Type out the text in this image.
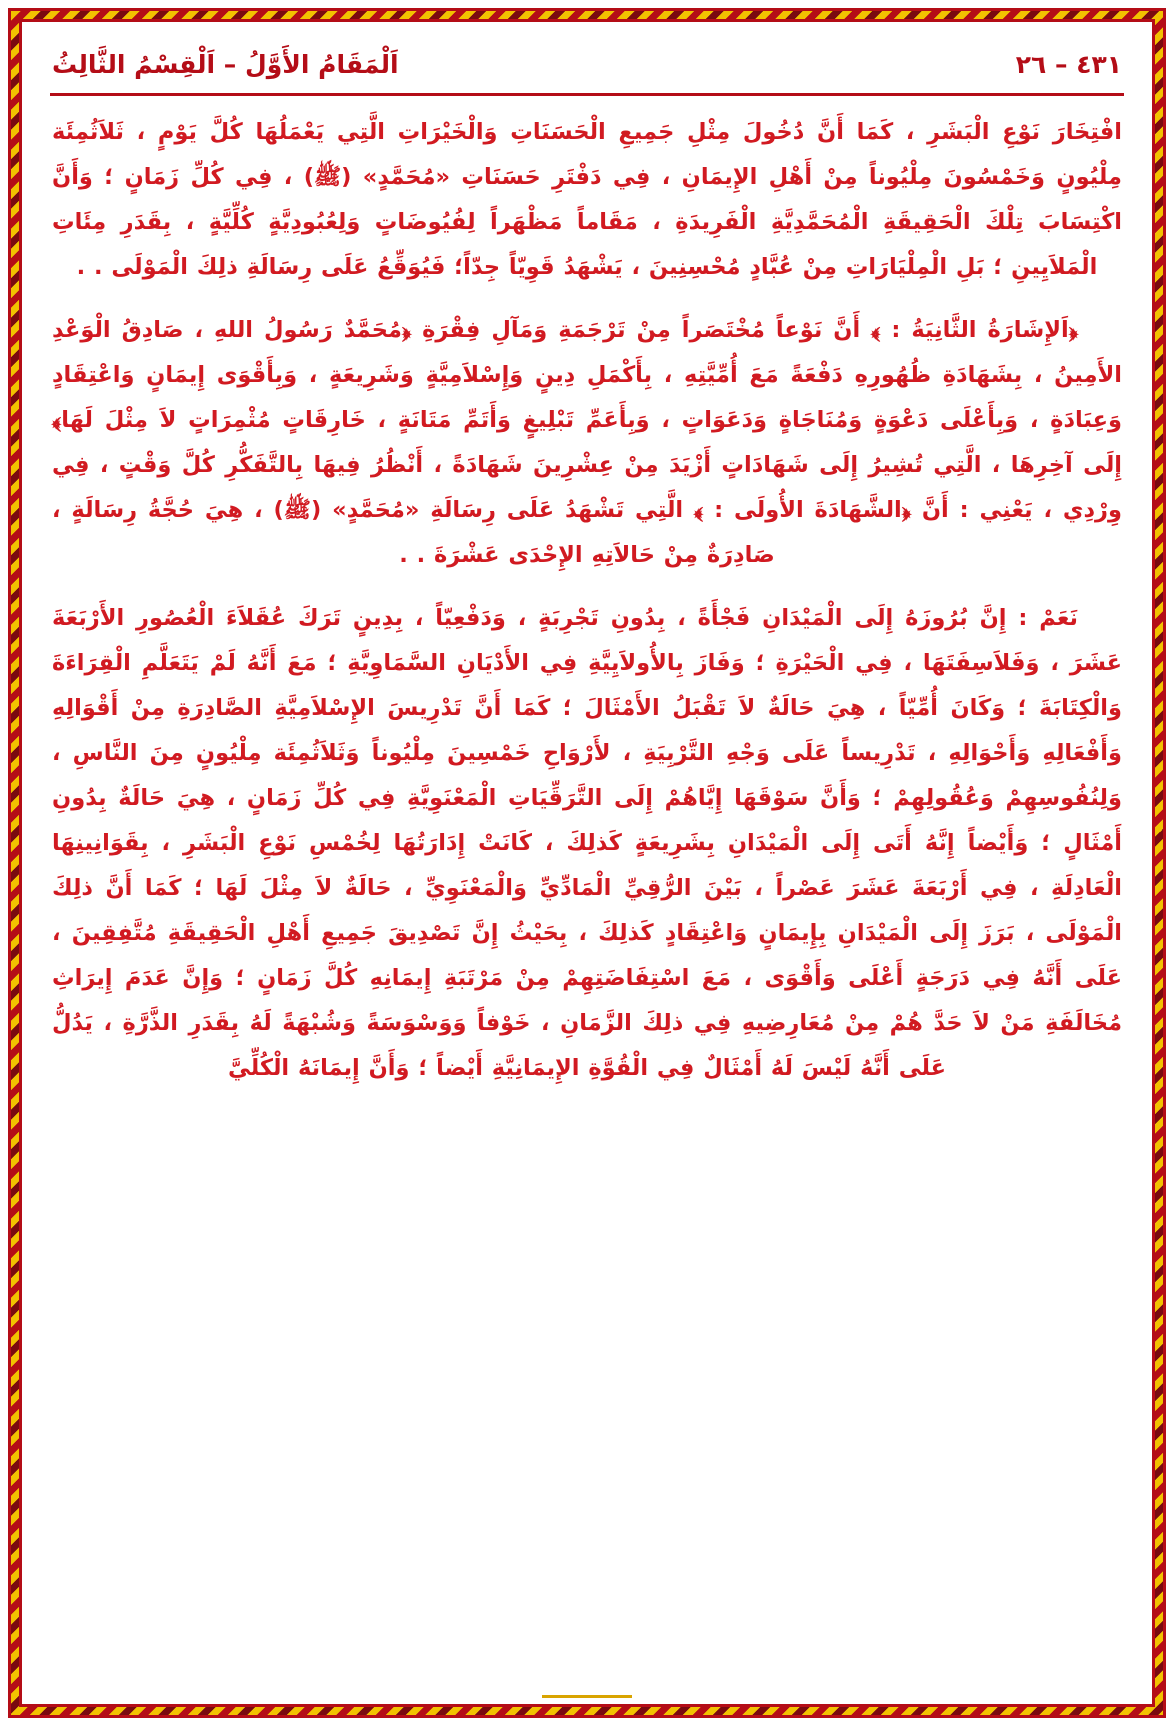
٤٣١ – ٢٦
اَلْمَقَامُ الأَوَّلُ – اَلْقِسْمُ الثَّالِثُ

افْتِخَارَ نَوْعِ الْبَشَرِ ، كَمَا أَنَّ دُخُولَ مِثْلِ جَمِيعِ الْحَسَنَاتِ وَالْخَيْرَاتِ الَّتِي يَعْمَلُهَا كُلَّ يَوْمٍ ، ثَلاَثُمِئَة مِلْيُونٍ وَخَمْسُونَ مِلْيُوناً مِنْ أَهْلِ الإِيمَانِ ، فِي دَفْتَرِ حَسَنَاتِ «مُحَمَّدٍ» (ﷺ) ، فِي كُلِّ زَمَانٍ ؛ وَأَنَّ اكْتِسَابَ تِلْكَ الْحَقِيقَةِ الْمُحَمَّدِيَّةِ الْفَرِيدَةِ ، مَقَاماً مَظْهَراً لِفُيُوضَاتٍ وَلِعُبُودِيَّةٍ كُلِّيَّةٍ ، بِقَدَرِ مِئَاتِ الْمَلاَيِينِ ؛ بَلِ الْمِلْيَارَاتِ مِنْ عُبَّادٍ مُحْسِنِينَ ، يَشْهَدُ قَوِيّاً جِدّاً؛ فَيُوَقِّعُ عَلَى رِسَالَةِ ذلِكَ الْمَوْلَى . .

﴿اَلإِشَارَةُ الثَّانِيَةُ : ﴾ أَنَّ نَوْعاً مُخْتَصَراً مِنْ تَرْجَمَةِ وَمَآلِ فِقْرَةِ ﴿مُحَمَّدٌ رَسُولُ اللهِ ، صَادِقُ الْوَعْدِ الأَمِينُ ، بِشَهَادَةِ ظُهُورِهِ دَفْعَةً مَعَ أُمِّيَّتِهِ ، بِأَكْمَلِ دِينٍ وَإِسْلاَمِيَّةٍ وَشَرِيعَةٍ ، وَبِأَقْوَى إِيمَانٍ وَاعْتِقَادٍ وَعِبَادَةٍ ، وَبِأَعْلَى دَعْوَةٍ وَمُنَاجَاةٍ وَدَعَوَاتٍ ، وَبِأَعَمِّ تَبْلِيغٍ وَأَتَمِّ مَتَانَةٍ ، خَارِقَاتٍ مُثْمِرَاتٍ لاَ مِثْلَ لَهَا﴾ إِلَى آخِرِهَا ، الَّتِي تُشِيرُ إِلَى شَهَادَاتٍ أَزْيَدَ مِنْ عِشْرِينَ شَهَادَةً ، أَنْظُرُ فِيهَا بِالتَّفَكُّرِ كُلَّ وَقْتٍ ، فِي وِرْدِي ، يَعْنِي : أَنَّ ﴿الشَّهَادَةَ الأُولَى : ﴾ الَّتِي تَشْهَدُ عَلَى رِسَالَةِ «مُحَمَّدٍ» (ﷺ) ، هِيَ حُجَّةُ رِسَالَةٍ ، صَادِرَةٌ مِنْ حَالاَتِهِ الإِحْدَى عَشْرَةَ . .

نَعَمْ : إِنَّ بُرُوزَهُ إِلَى الْمَيْدَانِ فَجْأَةً ، بِدُونِ تَجْرِبَةٍ ، وَدَفْعِيّاً ، بِدِينٍ تَرَكَ عُقَلاَءَ الْعُصُورِ الأَرْبَعَةَ عَشَرَ ، وَفَلاَسِفَتَهَا ، فِي الْحَيْرَةِ ؛ وَفَازَ بِالأُولاَيِيَّةِ فِي الأَدْيَانِ السَّمَاوِيَّةِ ؛ مَعَ أَنَّهُ لَمْ يَتَعَلَّمِ الْقِرَاءَةَ وَالْكِتَابَةَ ؛ وَكَانَ أُمِّيّاً ، هِيَ حَالَةٌ لاَ تَقْبَلُ الأَمْثَالَ ؛ كَمَا أَنَّ تَدْرِيسَ الإِسْلاَمِيَّةِ الصَّادِرَةِ مِنْ أَقْوَالِهِ وَأَفْعَالِهِ وَأَحْوَالِهِ ، تَدْرِيساً عَلَى وَجْهِ التَّرْبِيَةِ ، لأَرْوَاحِ خَمْسِينَ مِلْيُوناً وَثَلاَثُمِئَة مِلْيُونٍ مِنَ النَّاسِ ، وَلِنُفُوسِهِمْ وَعُقُولِهِمْ ؛ وَأَنَّ سَوْقَهَا إِيَّاهُمْ إِلَى التَّرَقِّيَاتِ الْمَعْنَوِيَّةِ فِي كُلِّ زَمَانٍ ، هِيَ حَالَةٌ بِدُونِ أَمْثَالٍ ؛ وَأَيْضاً إِنَّهُ أَتَى إِلَى الْمَيْدَانِ بِشَرِيعَةٍ كَذلِكَ ، كَانَتْ إِدَارَتُهَا لِخُمْسِ نَوْعِ الْبَشَرِ ، بِقَوَانِينِهَا الْعَادِلَةِ ، فِي أَرْبَعَةَ عَشَرَ عَصْراً ، بَيْنَ الرُّقِيِّ الْمَادِّيِّ وَالْمَعْنَوِيِّ ، حَالَةٌ لاَ مِثْلَ لَهَا ؛ كَمَا أَنَّ ذلِكَ الْمَوْلَى ، بَرَزَ إِلَى الْمَيْدَانِ بِإِيمَانٍ وَاعْتِقَادٍ كَذلِكَ ، بِحَيْثُ إِنَّ تَصْدِيقَ جَمِيعِ أَهْلِ الْحَقِيقَةِ مُتَّفِقِينَ ، عَلَى أَنَّهُ فِي دَرَجَةٍ أَعْلَى وَأَقْوَى ، مَعَ اسْتِفَاضَتِهِمْ مِنْ مَرْتَبَةِ إِيمَانِهِ كُلَّ زَمَانٍ ؛ وَإِنَّ عَدَمَ إِيرَاثِ مُخَالَفَةِ مَنْ لاَ حَدَّ هُمْ مِنْ مُعَارِضِيهِ فِي ذلِكَ الزَّمَانِ ، خَوْفاً وَوَسْوَسَةً وَشُبْهَةً لَهُ بِقَدَرِ الذَّرَّةِ ، يَدُلُّ عَلَى أَنَّهُ لَيْسَ لَهُ أَمْثَالٌ فِي الْقُوَّةِ الإِيمَانِيَّةِ أَيْضاً ؛ وَأَنَّ إِيمَانَهُ الْكُلِّيَّ
